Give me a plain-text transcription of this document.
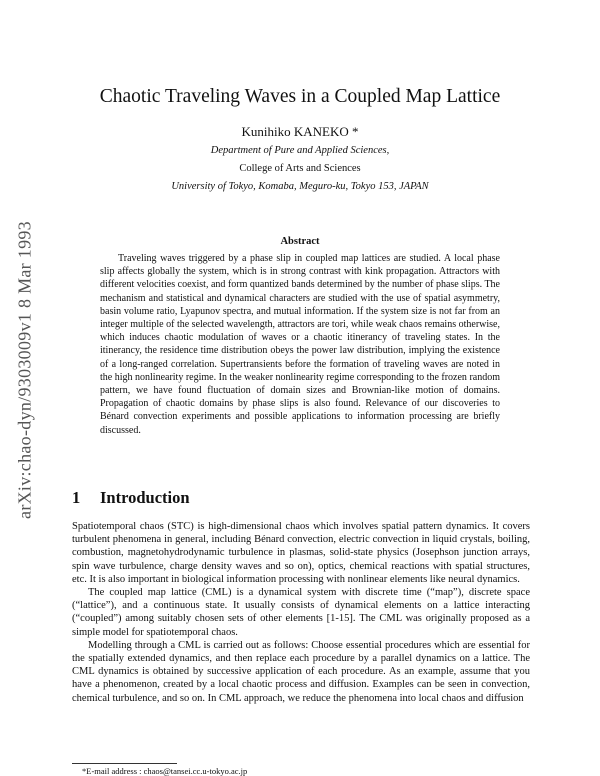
arXiv:chao-dyn/9303009v1 8 Mar 1993
Chaotic Traveling Waves in a Coupled Map Lattice
Kunihiko KANEKO *
Department of Pure and Applied Sciences,
College of Arts and Sciences
University of Tokyo, Komaba, Meguro-ku, Tokyo 153, JAPAN
Abstract

Traveling waves triggered by a phase slip in coupled map lattices are studied. A local phase slip affects globally the system, which is in strong contrast with kink propagation. Attractors with different velocities coexist, and form quantized bands determined by the number of phase slips. The mechanism and statistical and dynamical characters are studied with the use of spatial asymmetry, basin volume ratio, Lyapunov spectra, and mutual information. If the system size is not far from an integer multiple of the selected wavelength, attractors are tori, while weak chaos remains otherwise, which induces chaotic modulation of waves or a chaotic itinerancy of traveling states. In the itinerancy, the residence time distribution obeys the power law distribution, implying the existence of a long-ranged correlation. Supertransients before the formation of traveling waves are noted in the high nonlinearity regime. In the weaker nonlinearity regime corresponding to the frozen random pattern, we have found fluctuation of domain sizes and Brownian-like motion of domains. Propagation of chaotic domains by phase slips is also found. Relevance of our discoveries to Bénard convection experiments and possible applications to information processing are briefly discussed.

1 Introduction

Spatiotemporal chaos (STC) is high-dimensional chaos which involves spatial pattern dynamics. It covers turbulent phenomena in general, including Bénard convection, electric convection in liquid crystals, boiling, combustion, magnetohydrodynamic turbulence in plasmas, solid-state physics (Josephson junction arrays, spin wave turbulence, charge density waves and so on), optics, chemical reactions with spatial structures, etc. It is also important in biological information processing with nonlinear elements like neural dynamics.

The coupled map lattice (CML) is a dynamical system with discrete time (“map”), discrete space (“lattice”), and a continuous state. It usually consists of dynamical elements on a lattice interacting (“coupled”) among suitably chosen sets of other elements [1-15]. The CML was originally proposed as a simple model for spatiotemporal chaos.

Modelling through a CML is carried out as follows: Choose essential procedures which are essential for the spatially extended dynamics, and then replace each procedure by a parallel dynamics on a lattice. The CML dynamics is obtained by successive application of each procedure. As an example, assume that you have a phenomenon, created by a local chaotic process and diffusion. Examples can be seen in convection, chemical turbulence, and so on. In CML approach, we reduce the phenomena into local chaos and diffusion

*E-mail address : chaos@tansei.cc.u-tokyo.ac.jp
